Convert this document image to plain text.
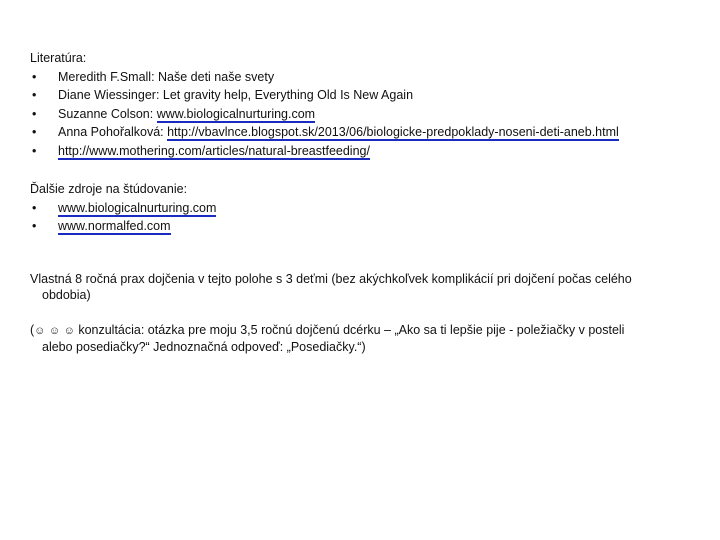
Literatúra:
•	Meredith F.Small: Naše deti naše svety
•	Diane Wiessinger: Let gravity help, Everything Old Is New Again
•	Suzanne Colson: www.biologicalnurturing.com
•	Anna Pohořalková: http://vbavlnce.blogspot.sk/2013/06/biologicke-predpoklady-noseni-deti-aneb.html
•	http://www.mothering.com/articles/natural-breastfeeding/
Ďalšie zdroje na štúdovanie:
•	www.biologicalnurturing.com
•	www.normalfed.com
Vlastná 8 ročná prax dojčenia v tejto polohe s 3 deťmi (bez akýchkoľvek komplikácií pri dojčení počas celého
obdobia)
(☺ ☺ ☺ konzultácia: otázka pre moju 3,5 ročnú dojčenú dcérku – „Ako sa ti lepšie pije - poležiačky v posteli
alebo posediačky?“ Jednoznačná odpoveď: „Posediačky.“)
